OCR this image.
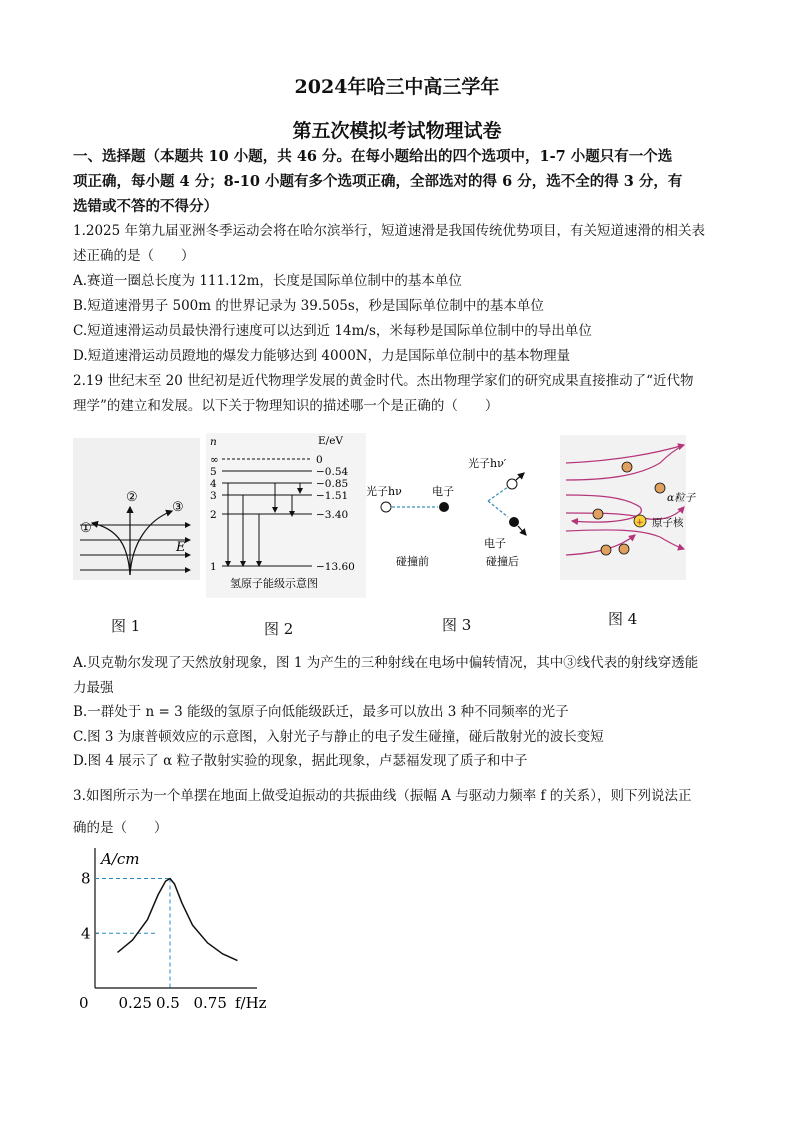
2024年哈三中高三学年
第五次模拟考试物理试卷
一、选择题（本题共 10 小题，共 46 分。在每小题给出的四个选项中，1-7 小题只有一个选
项正确，每小题 4 分；8-10 小题有多个选项正确，全部选对的得 6 分，选不全的得 3 分，有
选错或不答的不得分）
1.2025 年第九届亚洲冬季运动会将在哈尔滨举行，短道速滑是我国传统优势项目，有关短道速滑的相关表
述正确的是（　　）
A.赛道一圈总长度为 111.12m，长度是国际单位制中的基本单位
B.短道速滑男子 500m 的世界记录为 39.505s，秒是国际单位制中的基本单位
C.短道速滑运动员最快滑行速度可以达到近 14m/s，米每秒是国际单位制中的导出单位
D.短道速滑运动员蹬地的爆发力能够达到 4000N，力是国际单位制中的基本物理量
2.19 世纪末至 20 世纪初是近代物理学发展的黄金时代。杰出物理学家们的研究成果直接推动了“近代物
理学”的建立和发展。以下关于物理知识的描述哪一个是正确的（　　）
①
②
③
E
n	E/eV
∞	0
5	−0.54
4	−0.85
3	−1.51
2	−3.40
1	−13.60
氢原子能级示意图
光子hν	电子
光子hν′
电子
碰撞前	碰撞后
+
α粒子
原子核
图 1	图 2	图 3	图 4
A.贝克勒尔发现了天然放射现象，图 1 为产生的三种射线在电场中偏转情况，其中③线代表的射线穿透能
力最强
B.一群处于 n = 3 能级的氢原子向低能级跃迁，最多可以放出 3 种不同频率的光子
C.图 3 为康普顿效应的示意图，入射光子与静止的电子发生碰撞，碰后散射光的波长变短
D.图 4 展示了 α 粒子散射实验的现象，据此现象，卢瑟福发现了质子和中子
3.如图所示为一个单摆在地面上做受迫振动的共振曲线（振幅 A 与驱动力频率 f 的关系），则下列说法正
确的是（　　）
A/cm
f/Hz
0 0.25 0.5 0.75
4
8
